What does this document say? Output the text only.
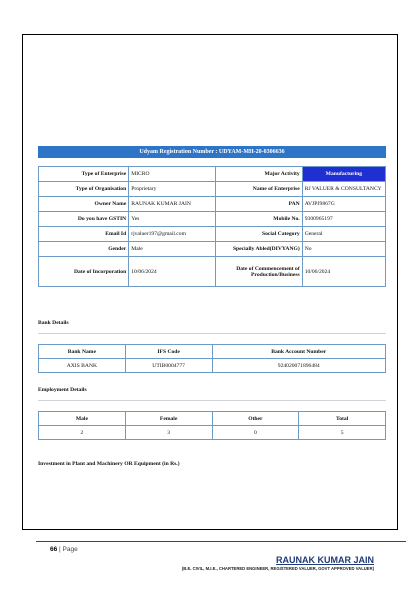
Udyam Registration Number : UDYAM-MH-20-0306636
Type of Enterprise	MICRO	Major Activity	Manufacturing
Type of Organisation	Proprietary	Name of Enterprise	RJ VALUER & CONSULTANCY
Owner Name	RAUNAK KUMAR JAIN	PAN	AVJPJ9867G
Do you have GSTIN	Yes	Mobile No.	9300965197
Email Id	rjvaluer197@gmail.com	Social Category	General
Gender	Male	Specially Abled(DIVYANG)	No
Date of Incorporation	10/06/2024	Date of Commencement of Production/Business	10/06/2024
Bank Details
Bank Name	IFS Code	Bank Account Number
AXIS BANK	UTIB0004777	924020071896484
Employment Details
Male	Female	Other	Total
2	3	0	5
Investment in Plant and Machinery OR Equipment (in Rs.)
66 | Page
RAUNAK KUMAR JAIN
(B.E. CIVIL, M.I.E., CHARTERED ENGINEER, REGISTERED VALUER, GOVT APPROVED VALUER)
